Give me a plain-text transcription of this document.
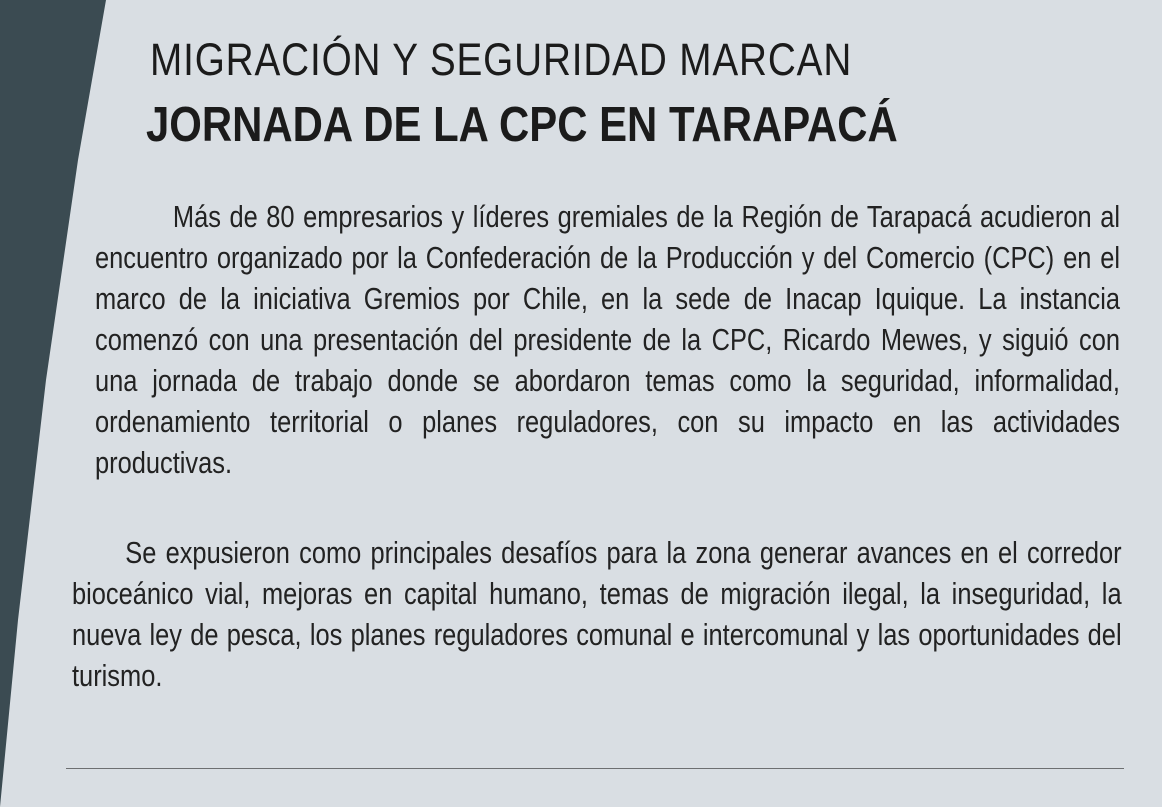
MIGRACIÓN Y SEGURIDAD MARCAN
JORNADA DE LA CPC EN TARAPACÁ

Más de 80 empresarios y líderes gremiales de la Región de Tarapacá acudieron al encuentro organizado por la Confederación de la Producción y del Comercio (CPC) en el marco de la iniciativa Gremios por Chile, en la sede de Inacap Iquique. La instancia comenzó con una presentación del presidente de la CPC, Ricardo Mewes, y siguió con una jornada de trabajo donde se abordaron temas como la seguridad, informalidad, ordenamiento territorial o planes reguladores, con su impacto en las actividades productivas.

Se expusieron como principales desafíos para la zona generar avances en el corredor bioceánico vial, mejoras en capital humano, temas de migración ilegal, la inseguridad, la nueva ley de pesca, los planes reguladores comunal e intercomunal y las oportunidades del turismo.
